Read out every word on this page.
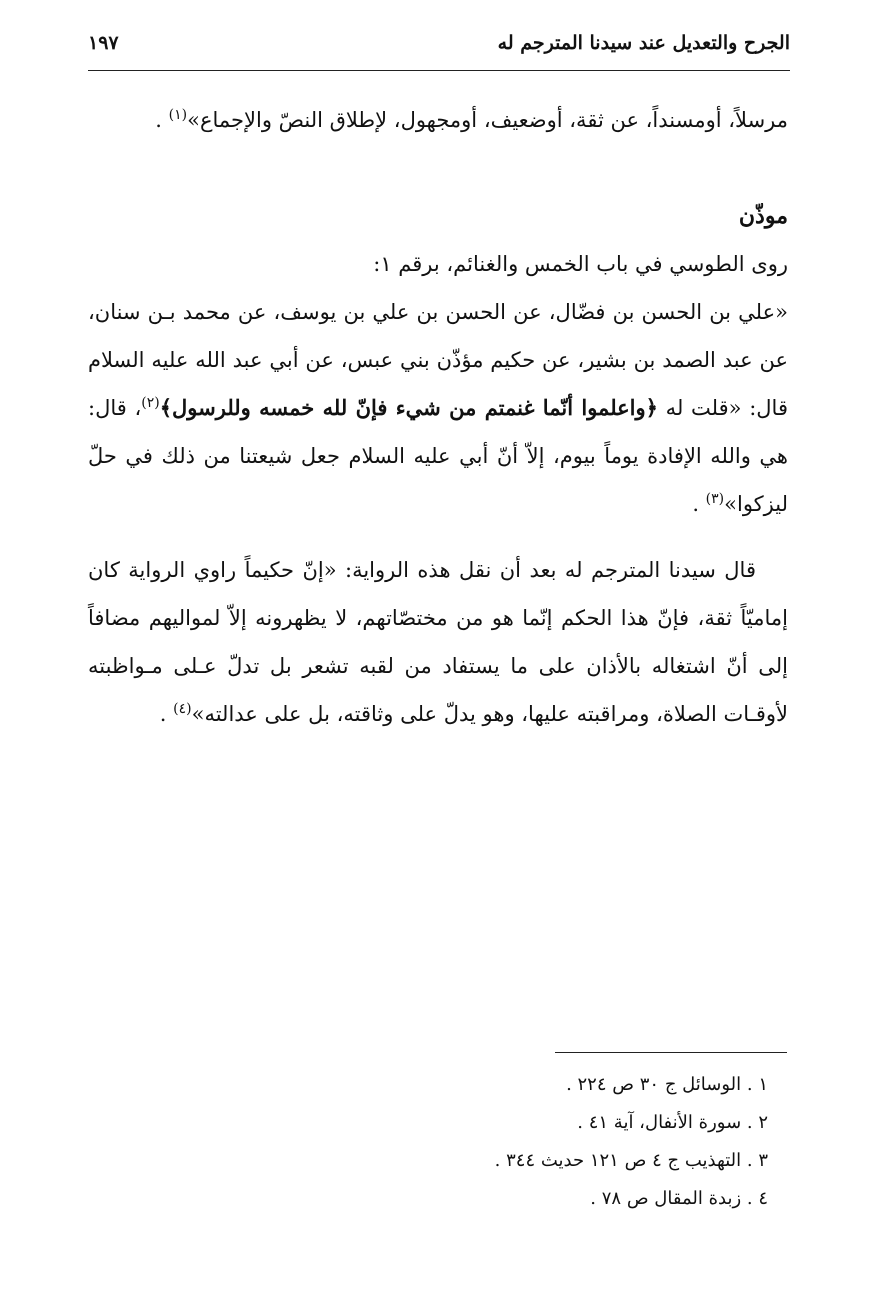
الجرح والتعديل عند سيدنا المترجم له
١٩٧

مرسلاً، أومسنداً، عن ثقة، أوضعيف، أومجهول، لإطلاق النصّ والإجماع»$^{(١)}$ .

موذّن

روى الطوسي في باب الخمس والغنائم، برقم ١:

«علي بن الحسن بن فضّال، عن الحسن بن علي بن يوسف، عن محمد بـن سنان، عن عبد الصمد بن بشير، عن حكيم مؤذّن بني عبس، عن أبي عبد الله عليه السلام قال: «قلت له ﴿واعلموا أنّما غنمتم من شيء فإنّ لله خمسه وللرسول﴾$^{(٢)}$، قال: هي والله الإفادة يوماً بيوم، إلاّ أنّ أبي عليه السلام جعل شيعتنا من ذلك في حلّ ليزكوا»$^{(٣)}$ .

قال سيدنا المترجم له بعد أن نقل هذه الرواية: «إنّ حكيماً راوي الرواية كان إماميّاً ثقة، فإنّ هذا الحكم إنّما هو من مختصّاتهم، لا يظهرونه إلاّ لمواليهم مضافاً إلى أنّ اشتغاله بالأذان على ما يستفاد من لقبه تشعر بل تدلّ عـلى مـواظبته لأوقـات الصلاة، ومراقبته عليها، وهو يدلّ على وثاقته، بل على عدالته»$^{(٤)}$ .

١ . الوسائل ج ٣٠ ص ٢٢٤ .
٢ . سورة الأنفال، آية ٤١ .
٣ . التهذيب ج ٤ ص ١٢١ حديث ٣٤٤ .
٤ . زبدة المقال ص ٧٨ .
